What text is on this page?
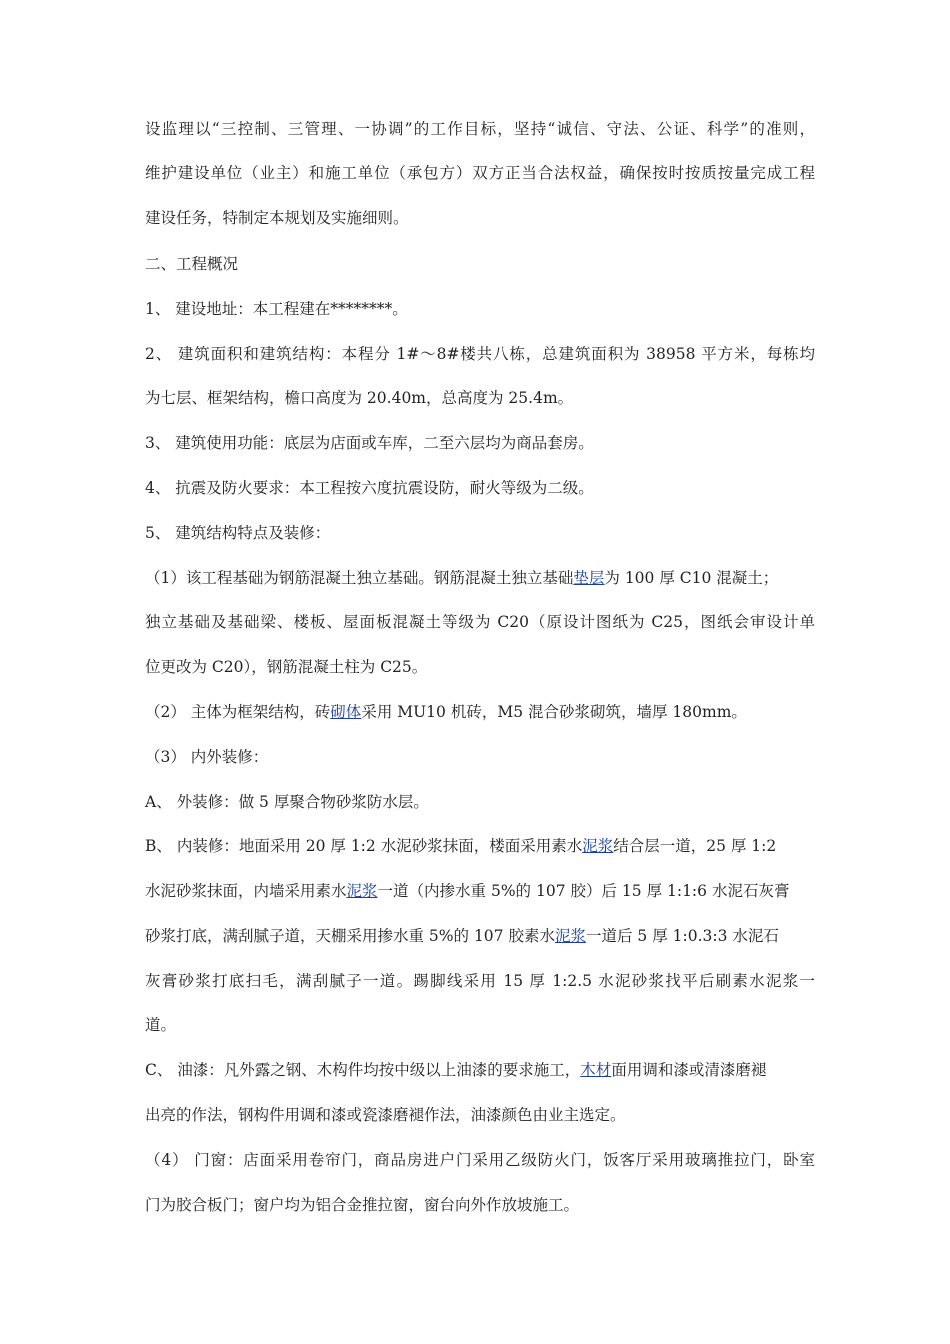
设监理以“三控制、三管理、一协调”的工作目标，坚持“诚信、守法、公证、科学”的准则，
维护建设单位（业主）和施工单位（承包方）双方正当合法权益，确保按时按质按量完成工程
建设任务，特制定本规划及实施细则。
二、工程概况
1、 建设地址：本工程建在********。
2、 建筑面积和建筑结构：本程分 1#～8#楼共八栋，总建筑面积为 38958 平方米，每栋均
为七层、框架结构，檐口高度为 20.40m，总高度为 25.4m。
3、 建筑使用功能：底层为店面或车库，二至六层均为商品套房。
4、 抗震及防火要求：本工程按六度抗震设防，耐火等级为二级。
5、 建筑结构特点及装修：
（1）该工程基础为钢筋混凝土独立基础。钢筋混凝土独立基础垫层为 100 厚 C10 混凝土；
独立基础及基础梁、楼板、屋面板混凝土等级为 C20（原设计图纸为 C25，图纸会审设计单
位更改为 C20），钢筋混凝土柱为 C25。
（2） 主体为框架结构，砖砌体采用 MU10 机砖，M5 混合砂浆砌筑，墙厚 180mm。
（3） 内外装修：
A、 外装修：做 5 厚聚合物砂浆防水层。
B、 内装修：地面采用 20 厚 1:2 水泥砂浆抹面，楼面采用素水泥浆结合层一道，25 厚 1:2
水泥砂浆抹面，内墙采用素水泥浆一道（内掺水重 5%的 107 胶）后 15 厚 1:1:6 水泥石灰膏
砂浆打底，满刮腻子道，天棚采用掺水重 5%的 107 胶素水泥浆一道后 5 厚 1:0.3:3 水泥石
灰膏砂浆打底扫毛，满刮腻子一道。踢脚线采用 15 厚 1:2.5 水泥砂浆找平后刷素水泥浆一
道。
C、 油漆：凡外露之钢、木构件均按中级以上油漆的要求施工，木材面用调和漆或清漆磨褪
出亮的作法，钢构件用调和漆或瓷漆磨褪作法，油漆颜色由业主选定。
（4） 门窗：店面采用卷帘门，商品房进户门采用乙级防火门，饭客厅采用玻璃推拉门，卧室
门为胶合板门；窗户均为铝合金推拉窗，窗台向外作放坡施工。
